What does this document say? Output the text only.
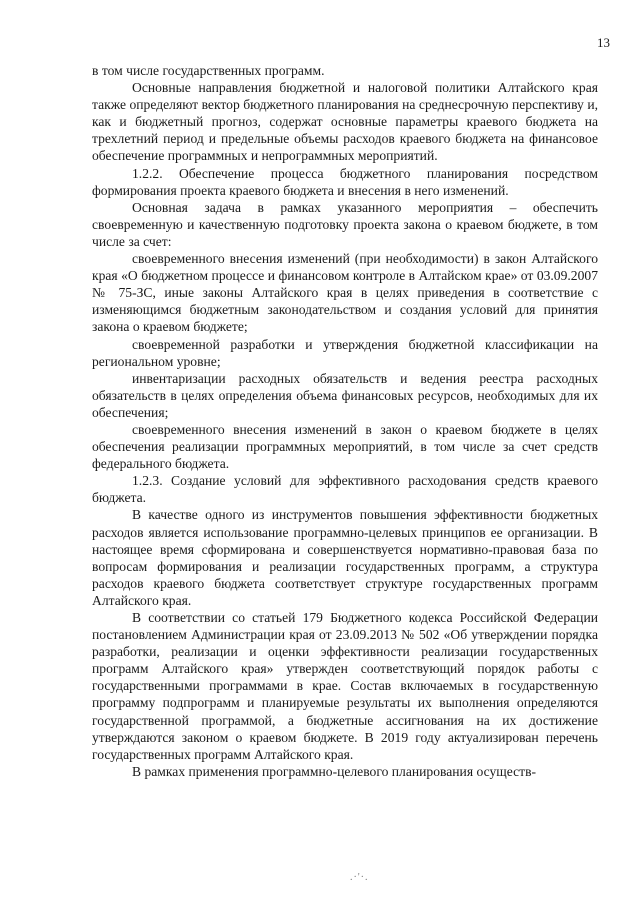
13

в том числе государственных программ.

Основные направления бюджетной и налоговой политики Алтайского края также определяют вектор бюджетного планирования на среднесрочную перспективу и, как и бюджетный прогноз, содержат основные параметры краевого бюджета на трехлетний период и предельные объемы расходов краевого бюджета на финансовое обеспечение программных и непрограммных мероприятий.

1.2.2. Обеспечение процесса бюджетного планирования посредством формирования проекта краевого бюджета и внесения в него изменений.

Основная задача в рамках указанного мероприятия – обеспечить своевременную и качественную подготовку проекта закона о краевом бюджете, в том числе за счет:

своевременного внесения изменений (при необходимости) в закон Алтайского края «О бюджетном процессе и финансовом контроле в Алтайском крае» от 03.09.2007 № 75-ЗС, иные законы Алтайского края в целях приведения в соответствие с изменяющимся бюджетным законодательством и создания условий для принятия закона о краевом бюджете;

своевременной разработки и утверждения бюджетной классификации на региональном уровне;

инвентаризации расходных обязательств и ведения реестра расходных обязательств в целях определения объема финансовых ресурсов, необходимых для их обеспечения;

своевременного внесения изменений в закон о краевом бюджете в целях обеспечения реализации программных мероприятий, в том числе за счет средств федерального бюджета.

1.2.3. Создание условий для эффективного расходования средств краевого бюджета.

В качестве одного из инструментов повышения эффективности бюджетных расходов является использование программно-целевых принципов ее организации. В настоящее время сформирована и совершенствуется нормативно-правовая база по вопросам формирования и реализации государственных программ, а структура расходов краевого бюджета соответствует структуре государственных программ Алтайского края.

В соответствии со статьей 179 Бюджетного кодекса Российской Федерации постановлением Администрации края от 23.09.2013 № 502 «Об утверждении порядка разработки, реализации и оценки эффективности реализации государственных программ Алтайского края» утвержден соответствующий порядок работы с государственными программами в крае. Состав включаемых в государственную программу подпрограмм и планируемые результаты их выполнения определяются государственной программой, а бюджетные ассигнования на их достижение утверждаются законом о краевом бюджете. В 2019 году актуализирован перечень государственных программ Алтайского края.

В рамках применения программно-целевого планирования осуществ-

.·'·.
